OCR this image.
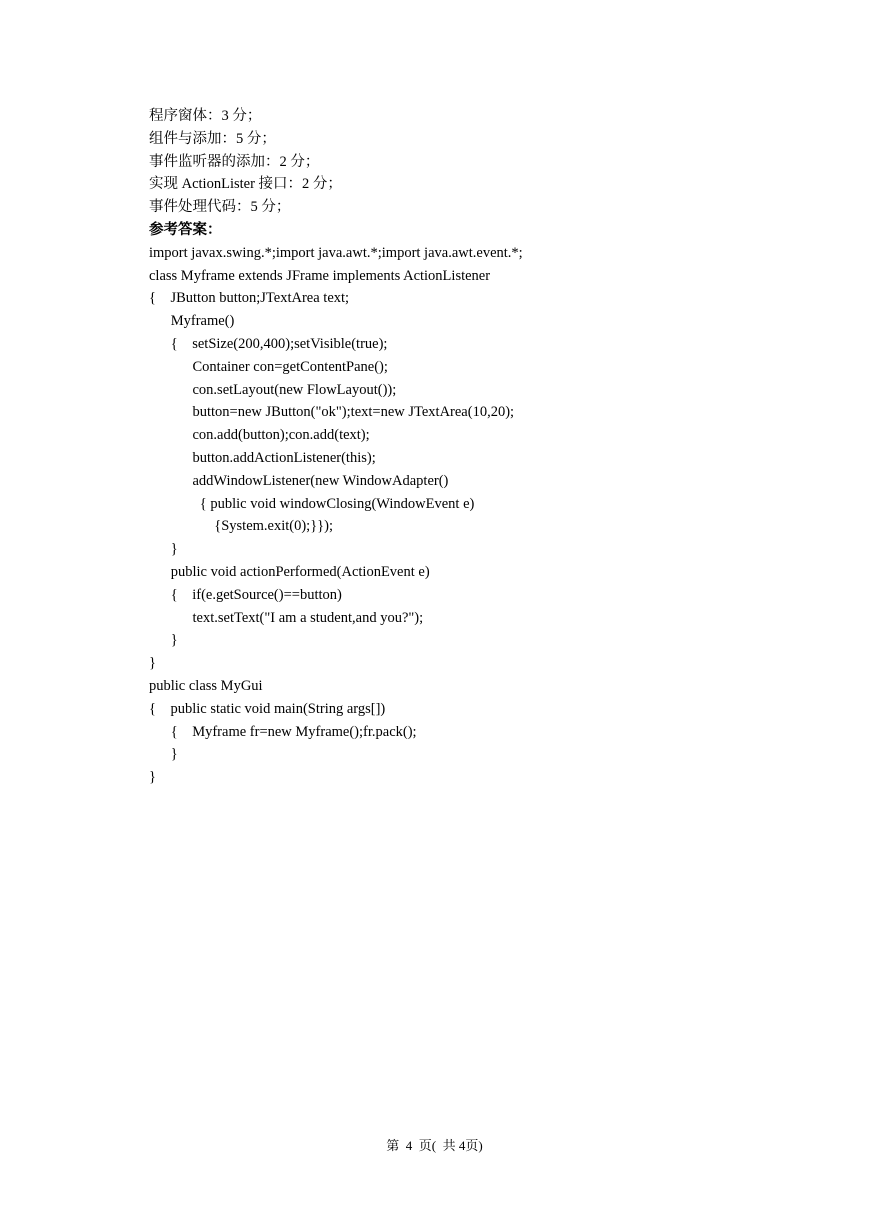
程序窗体：3 分；
组件与添加：5 分；
事件监听器的添加：2 分；
实现 ActionLister 接口：2 分；
事件处理代码：5 分；
参考答案：
import javax.swing.*;import java.awt.*;import java.awt.event.*;
class Myframe extends JFrame implements ActionListener
{    JButton button;JTextArea text;
Myframe()
{    setSize(200,400);setVisible(true);
Container con=getContentPane();
con.setLayout(new FlowLayout());
button=new JButton("ok");text=new JTextArea(10,20);
con.add(button);con.add(text);
button.addActionListener(this);
addWindowListener(new WindowAdapter()
{ public void windowClosing(WindowEvent e)
{System.exit(0);}});
}
public void actionPerformed(ActionEvent e)
{    if(e.getSource()==button)
text.setText("I am a student,and you?");
}
}
public class MyGui
{    public static void main(String args[])
{    Myframe fr=new Myframe();fr.pack();
}
}
第  4  页(  共 4页)
